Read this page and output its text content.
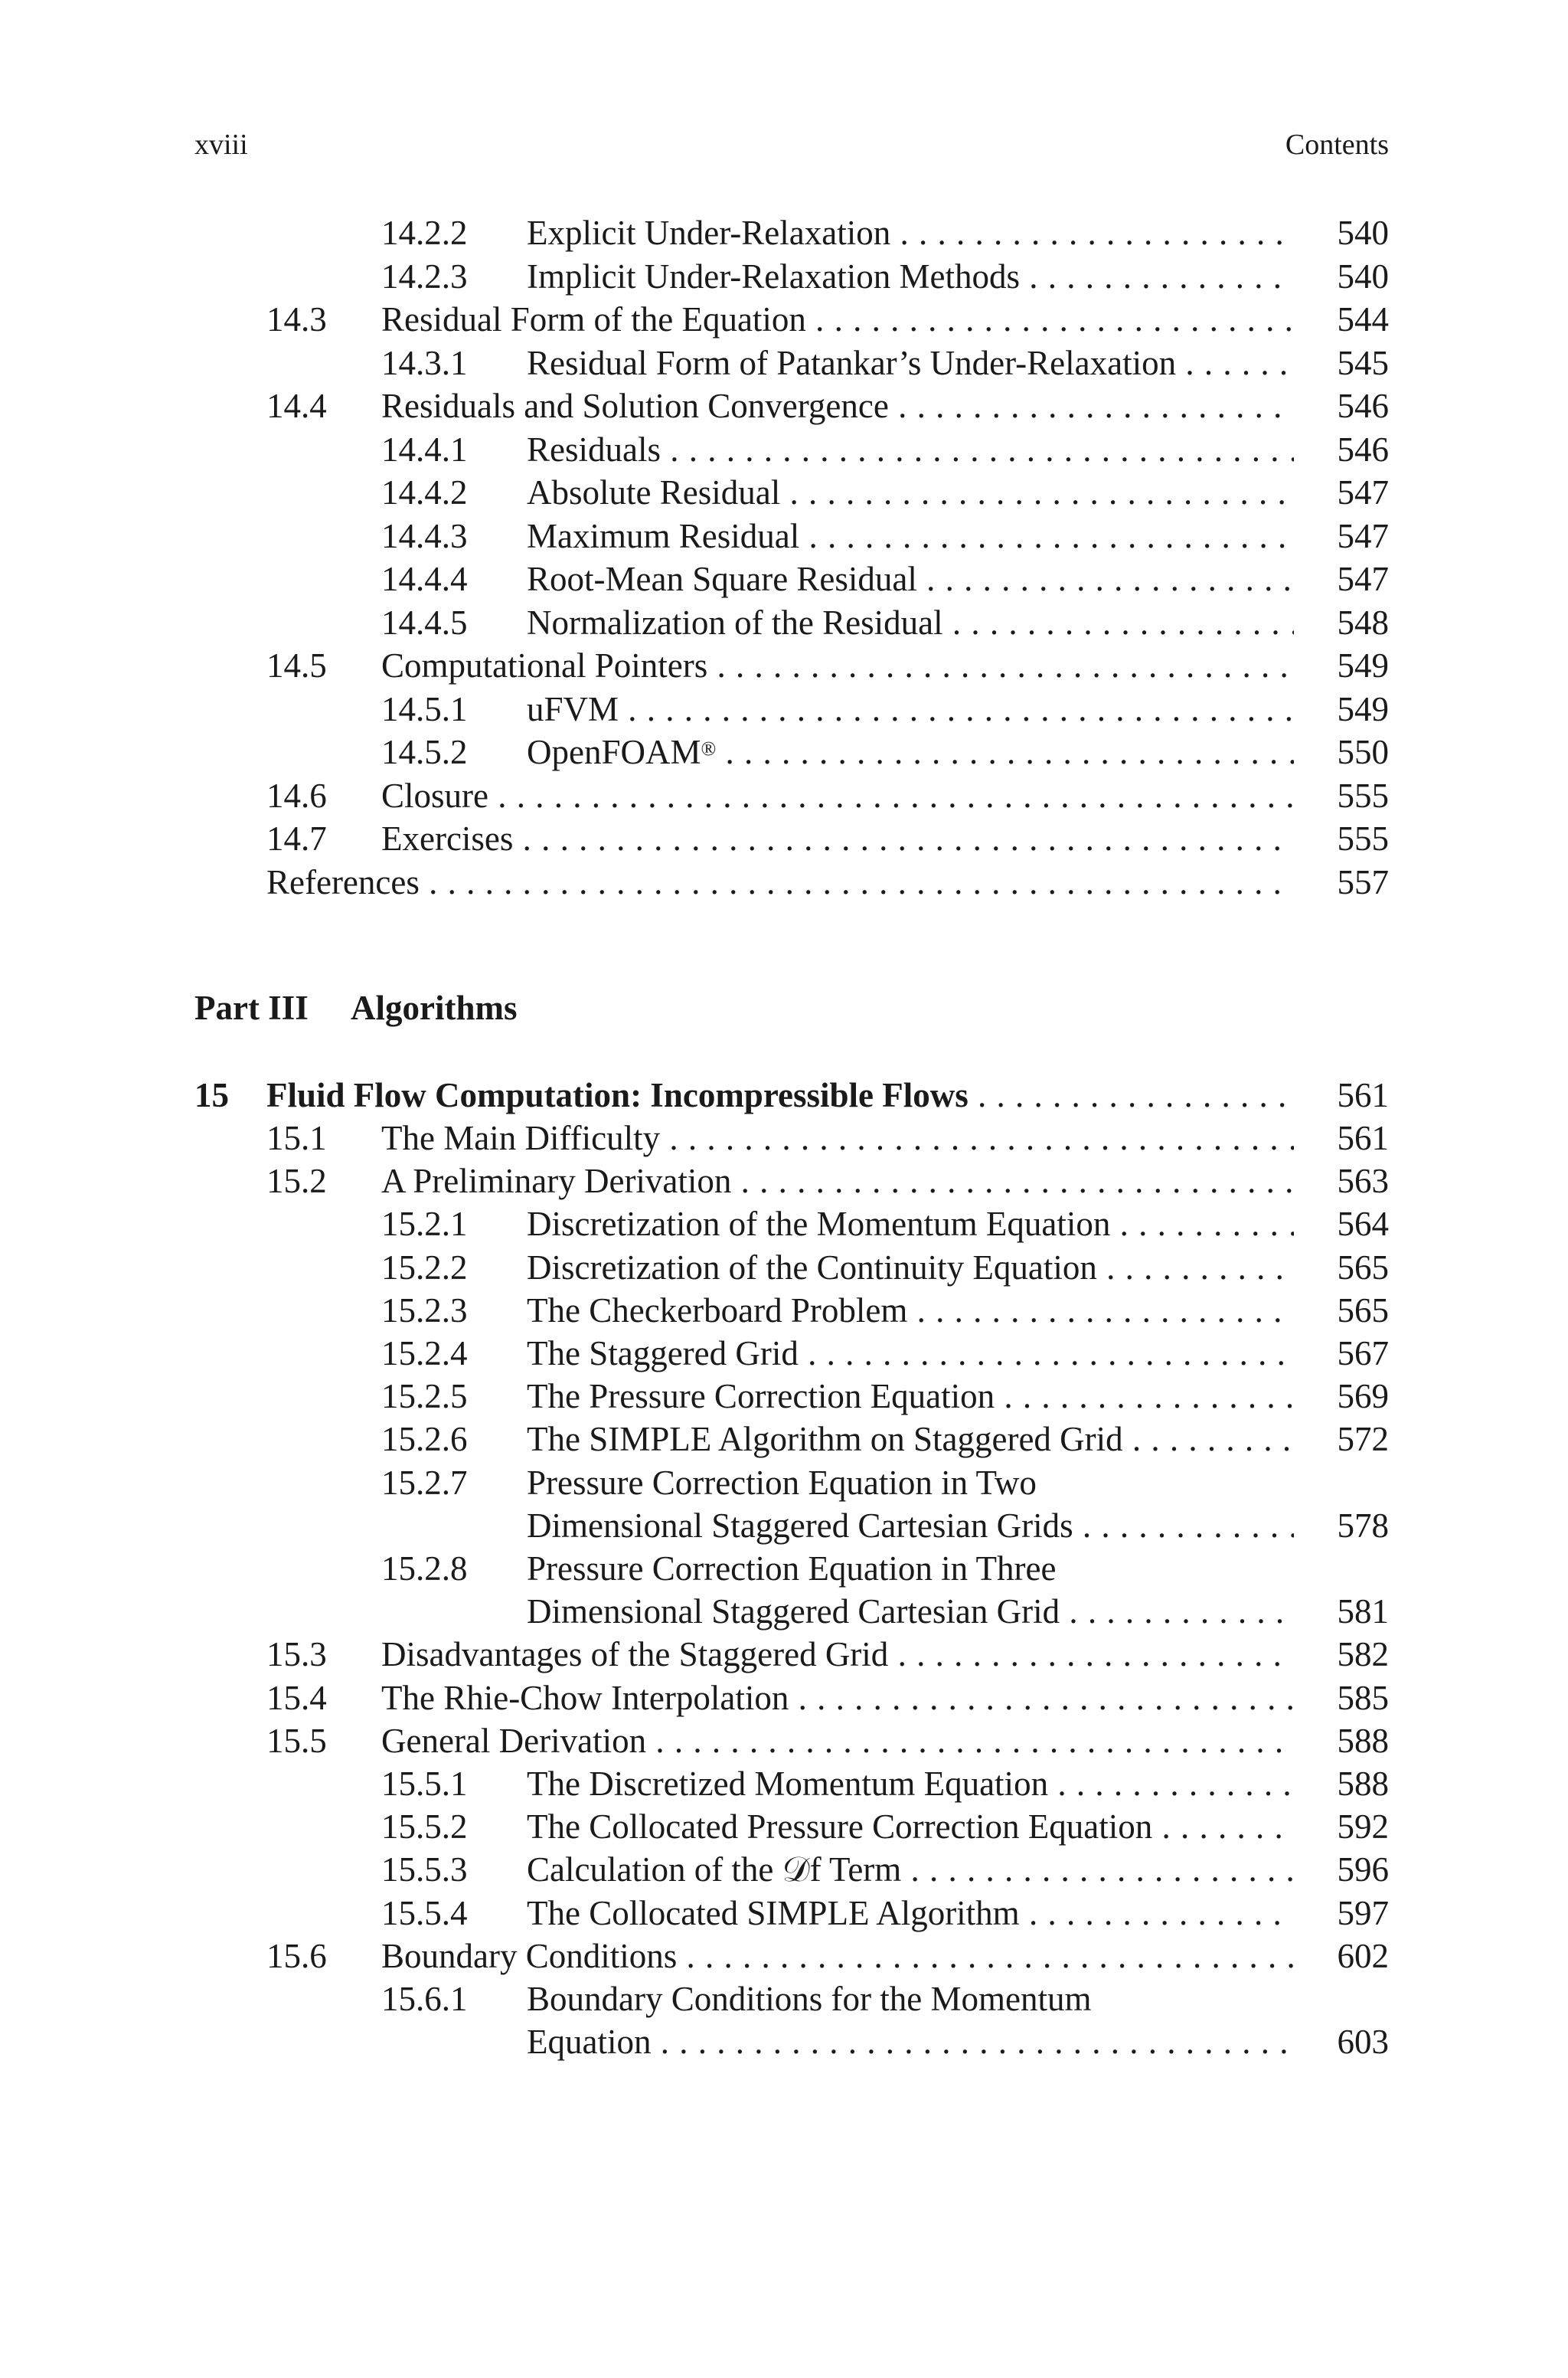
xviii	Contents
14.2.2 Explicit Under-Relaxation . . .	540
14.2.3 Implicit Under-Relaxation Methods . . .	540
14.3 Residual Form of the Equation . . .	544
14.3.1 Residual Form of Patankar’s Under-Relaxation . . .	545
14.4 Residuals and Solution Convergence . . .	546
14.4.1 Residuals . . .	546
14.4.2 Absolute Residual . . .	547
14.4.3 Maximum Residual . . .	547
14.4.4 Root-Mean Square Residual . . .	547
14.4.5 Normalization of the Residual . . .	548
14.5 Computational Pointers . . .	549
14.5.1 uFVM . . .	549
14.5.2 OpenFOAM® . . .	550
14.6 Closure . . .	555
14.7 Exercises . . .	555
References . . .	557
Part III Algorithms
15 Fluid Flow Computation: Incompressible Flows . . .	561
15.1 The Main Difficulty . . .	561
15.2 A Preliminary Derivation . . .	563
15.2.1 Discretization of the Momentum Equation . . .	564
15.2.2 Discretization of the Continuity Equation . . .	565
15.2.3 The Checkerboard Problem . . .	565
15.2.4 The Staggered Grid . . .	567
15.2.5 The Pressure Correction Equation . . .	569
15.2.6 The SIMPLE Algorithm on Staggered Grid . . .	572
15.2.7 Pressure Correction Equation in Two
Dimensional Staggered Cartesian Grids . . .	578
15.2.8 Pressure Correction Equation in Three
Dimensional Staggered Cartesian Grid . . .	581
15.3 Disadvantages of the Staggered Grid . . .	582
15.4 The Rhie-Chow Interpolation . . .	585
15.5 General Derivation . . .	588
15.5.1 The Discretized Momentum Equation . . .	588
15.5.2 The Collocated Pressure Correction Equation . . .	592
15.5.3 Calculation of the 𝒟f Term . . .	596
15.5.4 The Collocated SIMPLE Algorithm . . .	597
15.6 Boundary Conditions . . .	602
15.6.1 Boundary Conditions for the Momentum
Equation . . .	603
